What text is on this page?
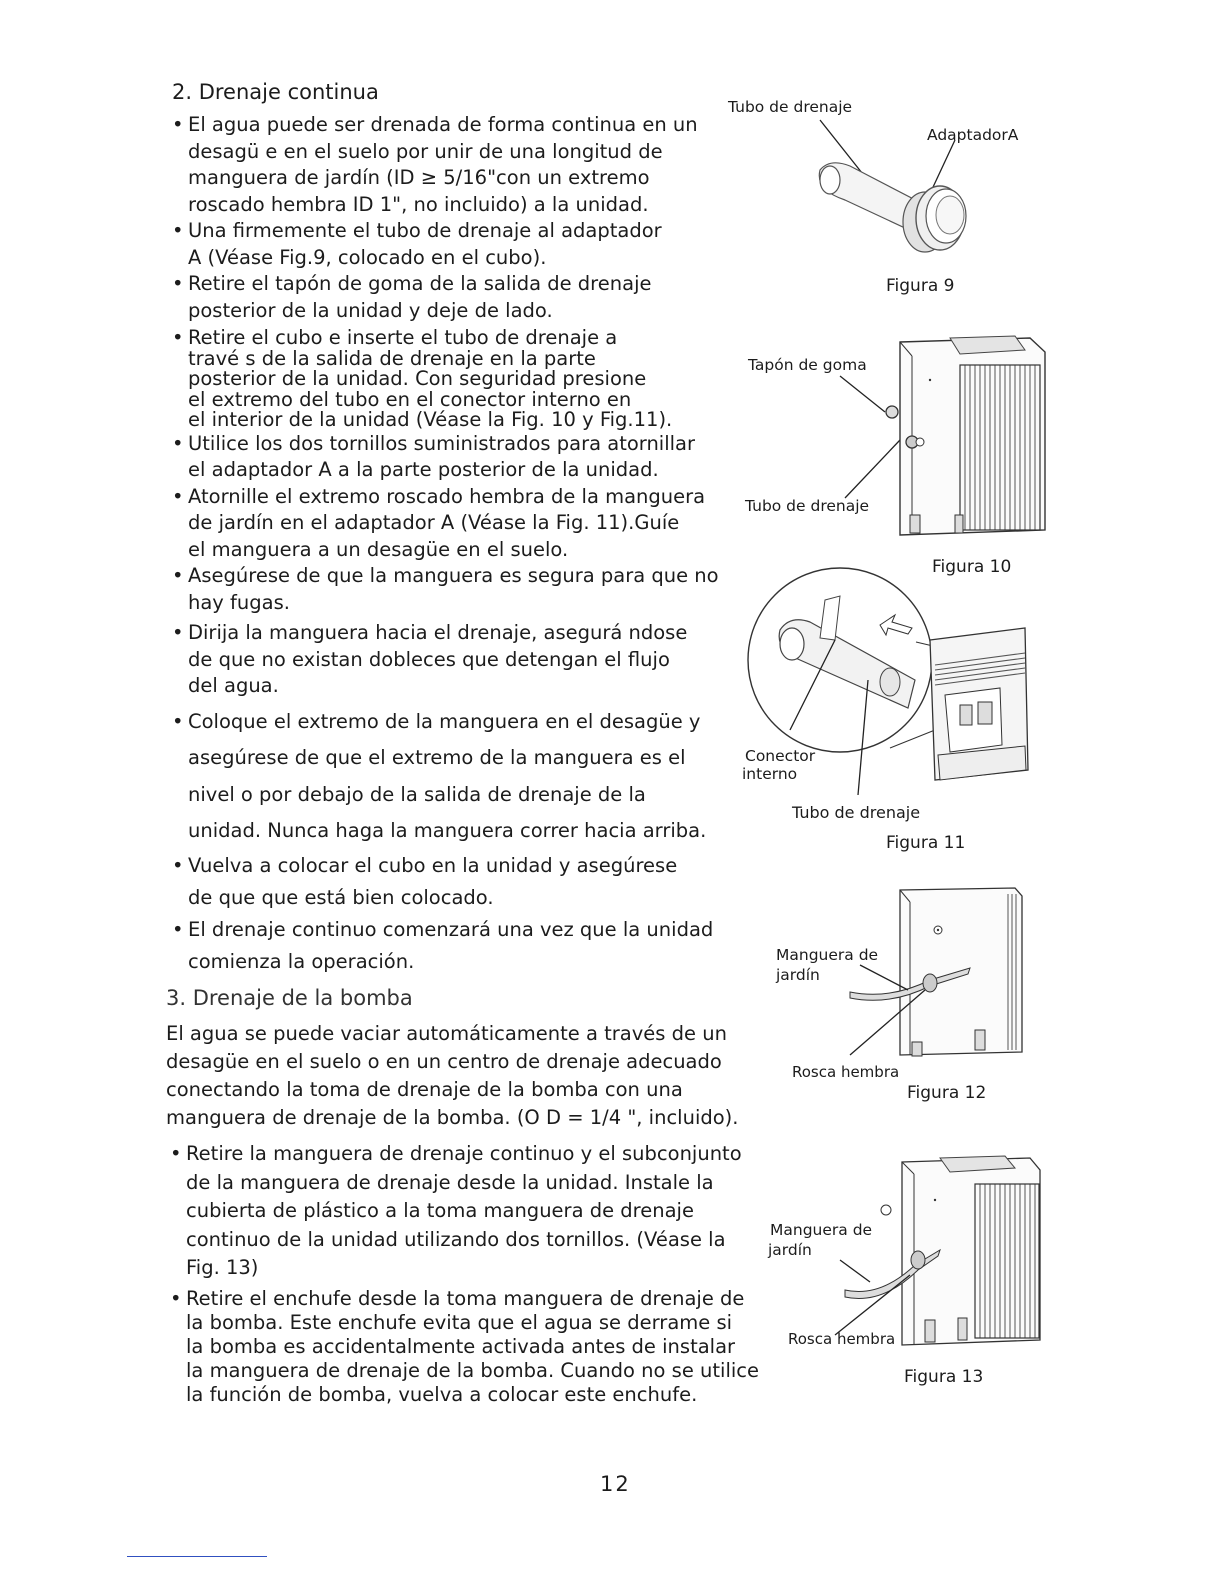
2. Drenaje continua
• El agua puede ser drenada de forma continua en un
desagü e en el suelo por unir de una longitud de
manguera de jardín (ID ≥ 5/16"con un extremo
roscado hembra ID 1", no incluido) a la unidad.
• Una firmemente el tubo de drenaje al adaptador
A (Véase Fig.9, colocado en el cubo).
• Retire el tapón de goma de la salida de drenaje
posterior de la unidad y deje de lado.
• Retire el cubo e inserte el tubo de drenaje a
travé s de la salida de drenaje en la parte
posterior de la unidad. Con seguridad presione
el extremo del tubo en el conector interno en
el interior de la unidad (Véase la Fig. 10 y Fig.11).
• Utilice los dos tornillos suministrados para atornillar
el adaptador A a la parte posterior de la unidad.
• Atornille el extremo roscado hembra de la manguera
de jardín en el adaptador A (Véase la Fig. 11).Guíe
el manguera a un desagüe en el suelo.
• Asegúrese de que la manguera es segura para que no
hay fugas.
• Dirija la manguera hacia el drenaje, asegurá ndose
de que no existan dobleces que detengan el flujo
del agua.
• Coloque el extremo de la manguera en el desagüe y
asegúrese de que el extremo de la manguera es el
nivel o por debajo de la salida de drenaje de la
unidad. Nunca haga la manguera correr hacia arriba.
• Vuelva a colocar el cubo en la unidad y asegúrese
de que que está bien colocado.
• El drenaje continuo comenzará una vez que la unidad
comienza la operación.
3. Drenaje de la bomba

El agua se puede vaciar automáticamente a través de un

desagüe en el suelo o en un centro de drenaje adecuado

conectando la toma de drenaje de la bomba con una

manguera de drenaje de la bomba. (O D = 1/4 ", incluido).

• Retire la manguera de drenaje continuo y el subconjunto
de la manguera de drenaje desde la unidad. Instale la
cubierta de plástico a la toma manguera de drenaje
continuo de la unidad utilizando dos tornillos. (Véase la
Fig. 13)
• Retire el enchufe desde la toma manguera de drenaje de
la bomba. Este enchufe evita que el agua se derrame si
la bomba es accidentalmente activada antes de instalar
la manguera de drenaje de la bomba. Cuando no se utilice
la función de bomba, vuelva a colocar este enchufe.
Tubo de drenaje
AdaptadorA
Figura 9
Tapón de goma
Tubo de drenaje
Figura 10
Conector
interno
Tubo de drenaje
Figura 11
Manguera de
jardín
Rosca hembra
Figura 12
Manguera de
jardín
Rosca hembra
Figura 13
12
